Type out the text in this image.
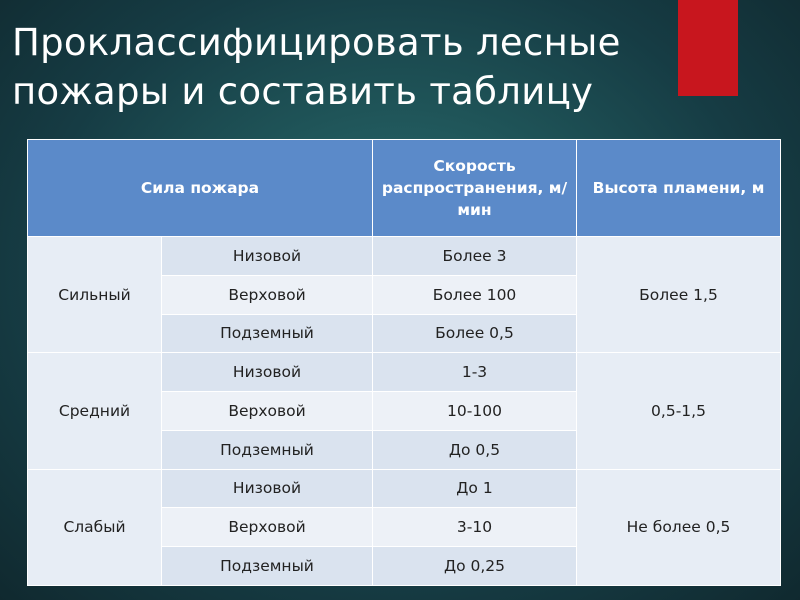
Проклассифицировать лесные
пожары и составить таблицу
Сила пожара		Скорость распространения, м/мин	Высота пламени, м
Сильный	Низовой	Более 3	Более 1,5
	Верховой	Более 100	
	Подземный	Более 0,5	
Средний	Низовой	1-3	0,5-1,5
	Верховой	10-100	
	Подземный	До 0,5	
Слабый	Низовой	До 1	Не более 0,5
	Верховой	3-10	
	Подземный	До 0,25	
